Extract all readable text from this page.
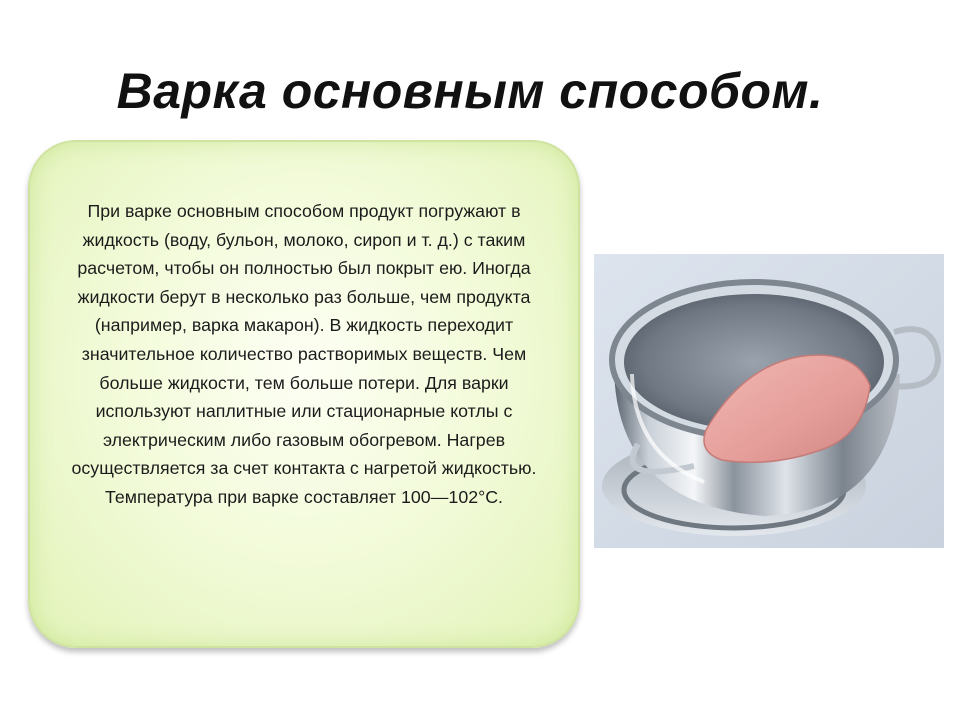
Варка основным способом.
При варке основным способом продукт погружают в жидкость (воду, бульон, молоко, сироп и т. д.) с таким расчетом, чтобы он полностью был покрыт ею. Иногда жидкости берут в несколько раз больше, чем продукта (например, варка макарон). В жидкость переходит значительное количество растворимых веществ. Чем больше жидкости, тем больше потери. Для варки используют наплитные или стационарные котлы с электрическим либо газовым обогревом. Нагрев осуществляется за счет контакта с нагретой жидкостью. Температура при варке составляет 100—102°С.
